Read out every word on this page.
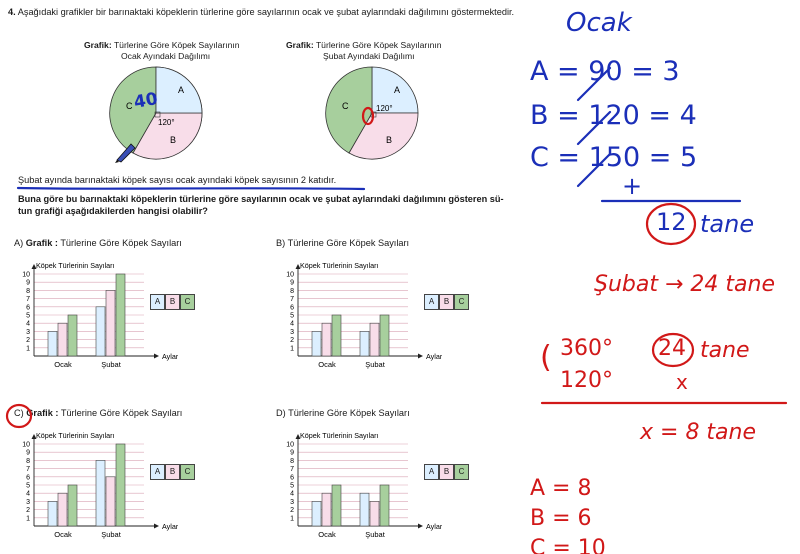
4. Aşağıdaki grafikler bir barınaktaki köpeklerin türlerine göre sayılarının ocak ve şubat aylarındaki dağılımını göstermektedir.
Grafik: Türlerine Göre Köpek Sayılarının
Ocak Ayındaki Dağılımı
A
B
C
120°
40
Grafik: Türlerine Göre Köpek Sayılarının
Şubat Ayındaki Dağılımı
A
B
C	120°
Şubat ayında barınaktaki köpek sayısı ocak ayındaki köpek sayısının 2 katıdır.
Buna göre bu barınaktaki köpeklerin türlerine göre sayılarının ocak ve şubat aylarındaki dağılımını gösteren sü-
tun grafiği aşağıdakilerden hangisi olabilir?
A) Grafik : Türlerine Göre Köpek Sayıları
Köpek Türlerinin Sayıları
1
2
3
4
5
6
7
8
9
10
Aylar
Ocak	Şubat
A	B	C
B) Türlerine Göre Köpek Sayıları
Köpek Türlerinin Sayıları
1
2
3
4
5
6
7
8
9
10
Aylar
Ocak	Şubat
A	B	C
C) Grafik : Türlerine Göre Köpek Sayıları
Köpek Türlerinin Sayıları
1
2
3
4
5
6
7
8
9
10
Aylar
Ocak	Şubat
A	B	C
D) Türlerine Göre Köpek Sayıları
Köpek Türlerinin Sayıları
1
2
3
4
5
6
7
8
9
10
Aylar
Ocak	Şubat
A	B	C
Ocak
A = 90 = 3
B = 120 = 4
C = 150 = 5
+
12 tane
Şubat → 24 tane
( 360° 24 tane
120°	x
x = 8 tane
A = 8
B = 6
C = 10
